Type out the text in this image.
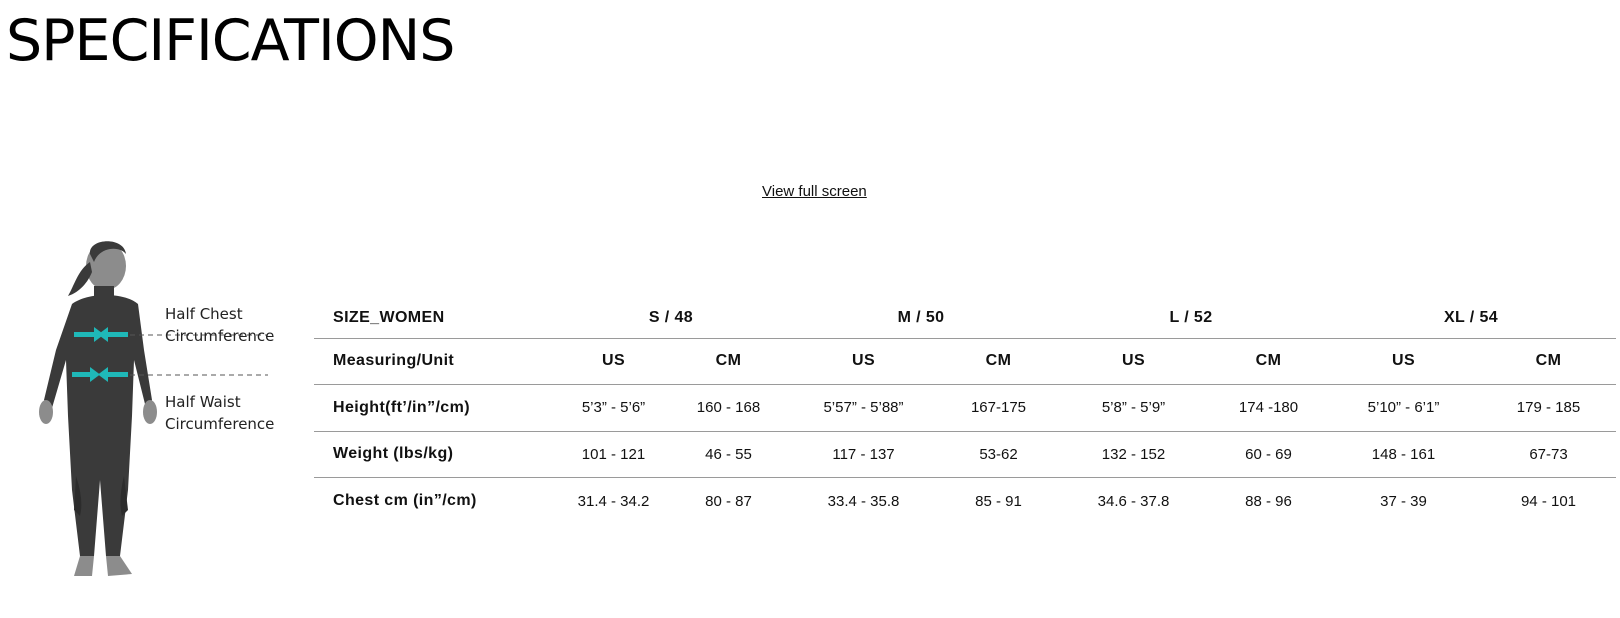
SPECIFICATIONS
View full screen
Half Chest
Circumference
Half Waist
Circumference
SIZE_WOMEN	S / 48		M / 50		L / 52		XL / 54	
Measuring/Unit	US	CM	US	CM	US	CM	US	CM
Height(ft’/in”/cm)	5’3” - 5’6”	160 - 168	5’57” - 5’88”	167-175	5’8” - 5’9”	174 -180	5’10” - 6’1”	179 - 185
Weight (lbs/kg)	101 - 121	46 - 55	117 - 137	53-62	132 - 152	60 - 69	148 - 161	67-73
Chest cm (in”/cm)	31.4 - 34.2	80 - 87	33.4 - 35.8	85 - 91	34.6 - 37.8	88 - 96	37 - 39	94 - 101
